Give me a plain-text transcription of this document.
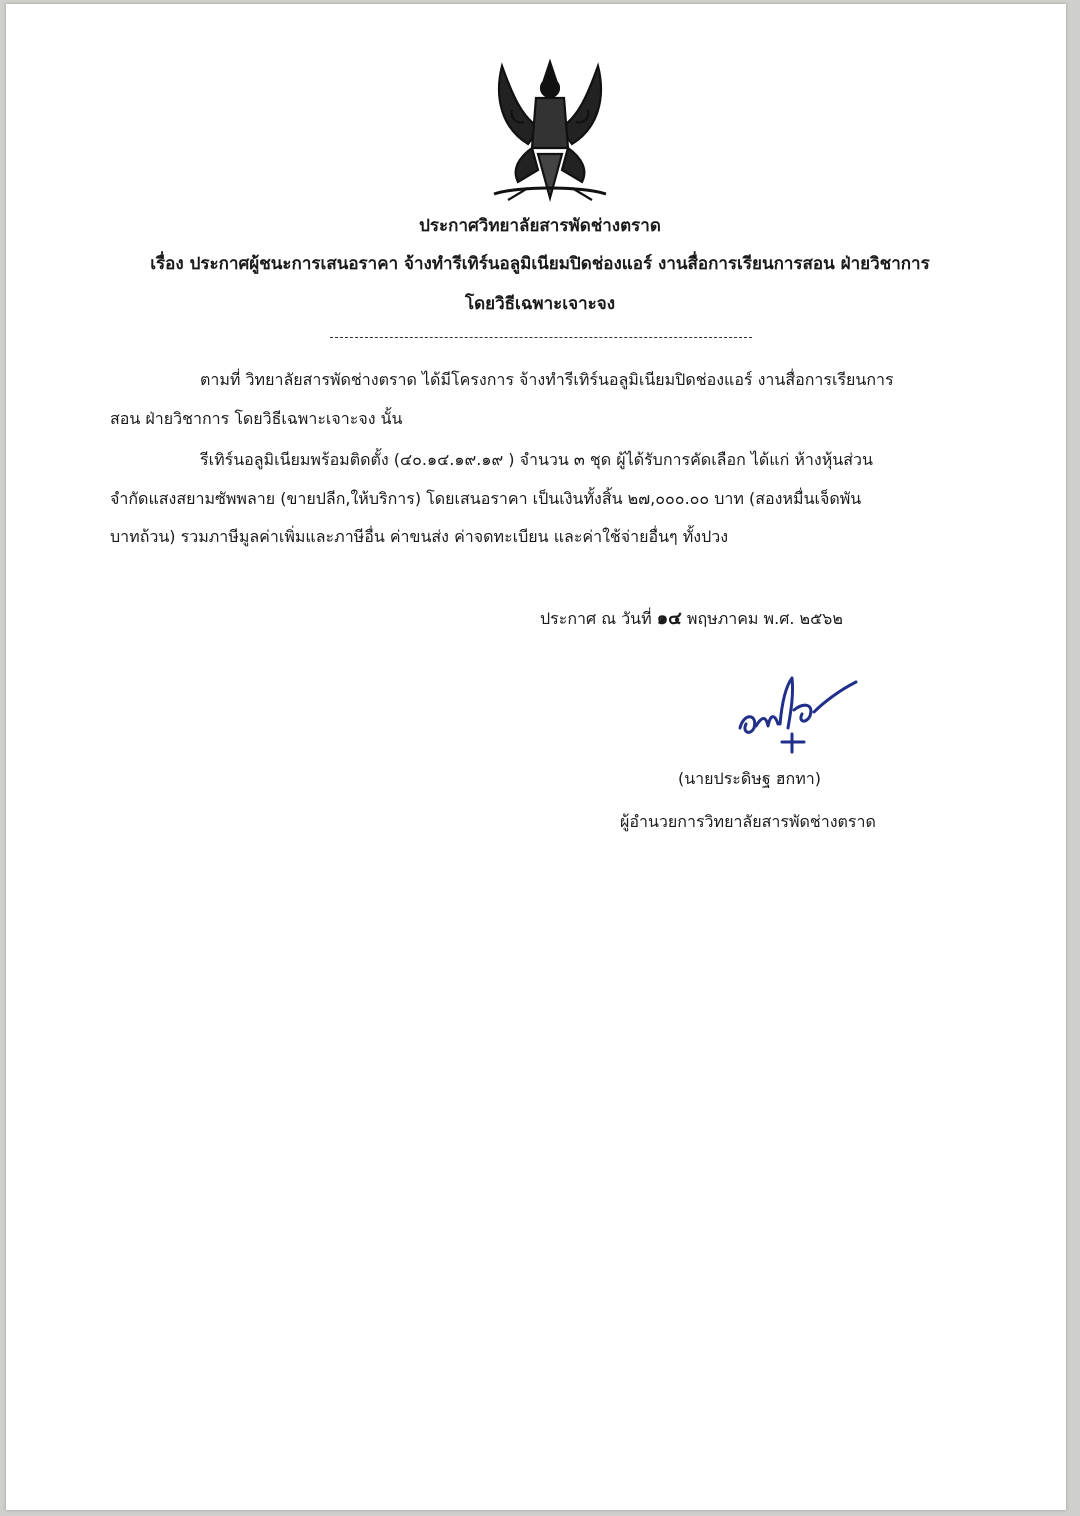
ประกาศวิทยาลัยสารพัดช่างตราด
เรื่อง ประกาศผู้ชนะการเสนอราคา จ้างทำรีเทิร์นอลูมิเนียมปิดช่องแอร์ งานสื่อการเรียนการสอน ฝ่ายวิชาการ
โดยวิธีเฉพาะเจาะจง
ตามที่ วิทยาลัยสารพัดช่างตราด ได้มีโครงการ จ้างทำรีเทิร์นอลูมิเนียมปิดช่องแอร์ งานสื่อการเรียนการ
สอน ฝ่ายวิชาการ โดยวิธีเฉพาะเจาะจง นั้น
รีเทิร์นอลูมิเนียมพร้อมติดตั้ง (๔๐.๑๔.๑๙.๑๙ ) จำนวน ๓ ชุด ผู้ได้รับการคัดเลือก ได้แก่ ห้างหุ้นส่วน
จำกัดแสงสยามซัพพลาย (ขายปลีก,ให้บริการ) โดยเสนอราคา เป็นเงินทั้งสิ้น ๒๗,๐๐๐.๐๐ บาท (สองหมื่นเจ็ดพัน
บาทถ้วน) รวมภาษีมูลค่าเพิ่มและภาษีอื่น ค่าขนส่ง ค่าจดทะเบียน และค่าใช้จ่ายอื่นๆ ทั้งปวง
ประกาศ ณ วันที่ ๑๔ พฤษภาคม พ.ศ. ๒๕๖๒
(นายประดิษฐ ฮกทา)
ผู้อำนวยการวิทยาลัยสารพัดช่างตราด
